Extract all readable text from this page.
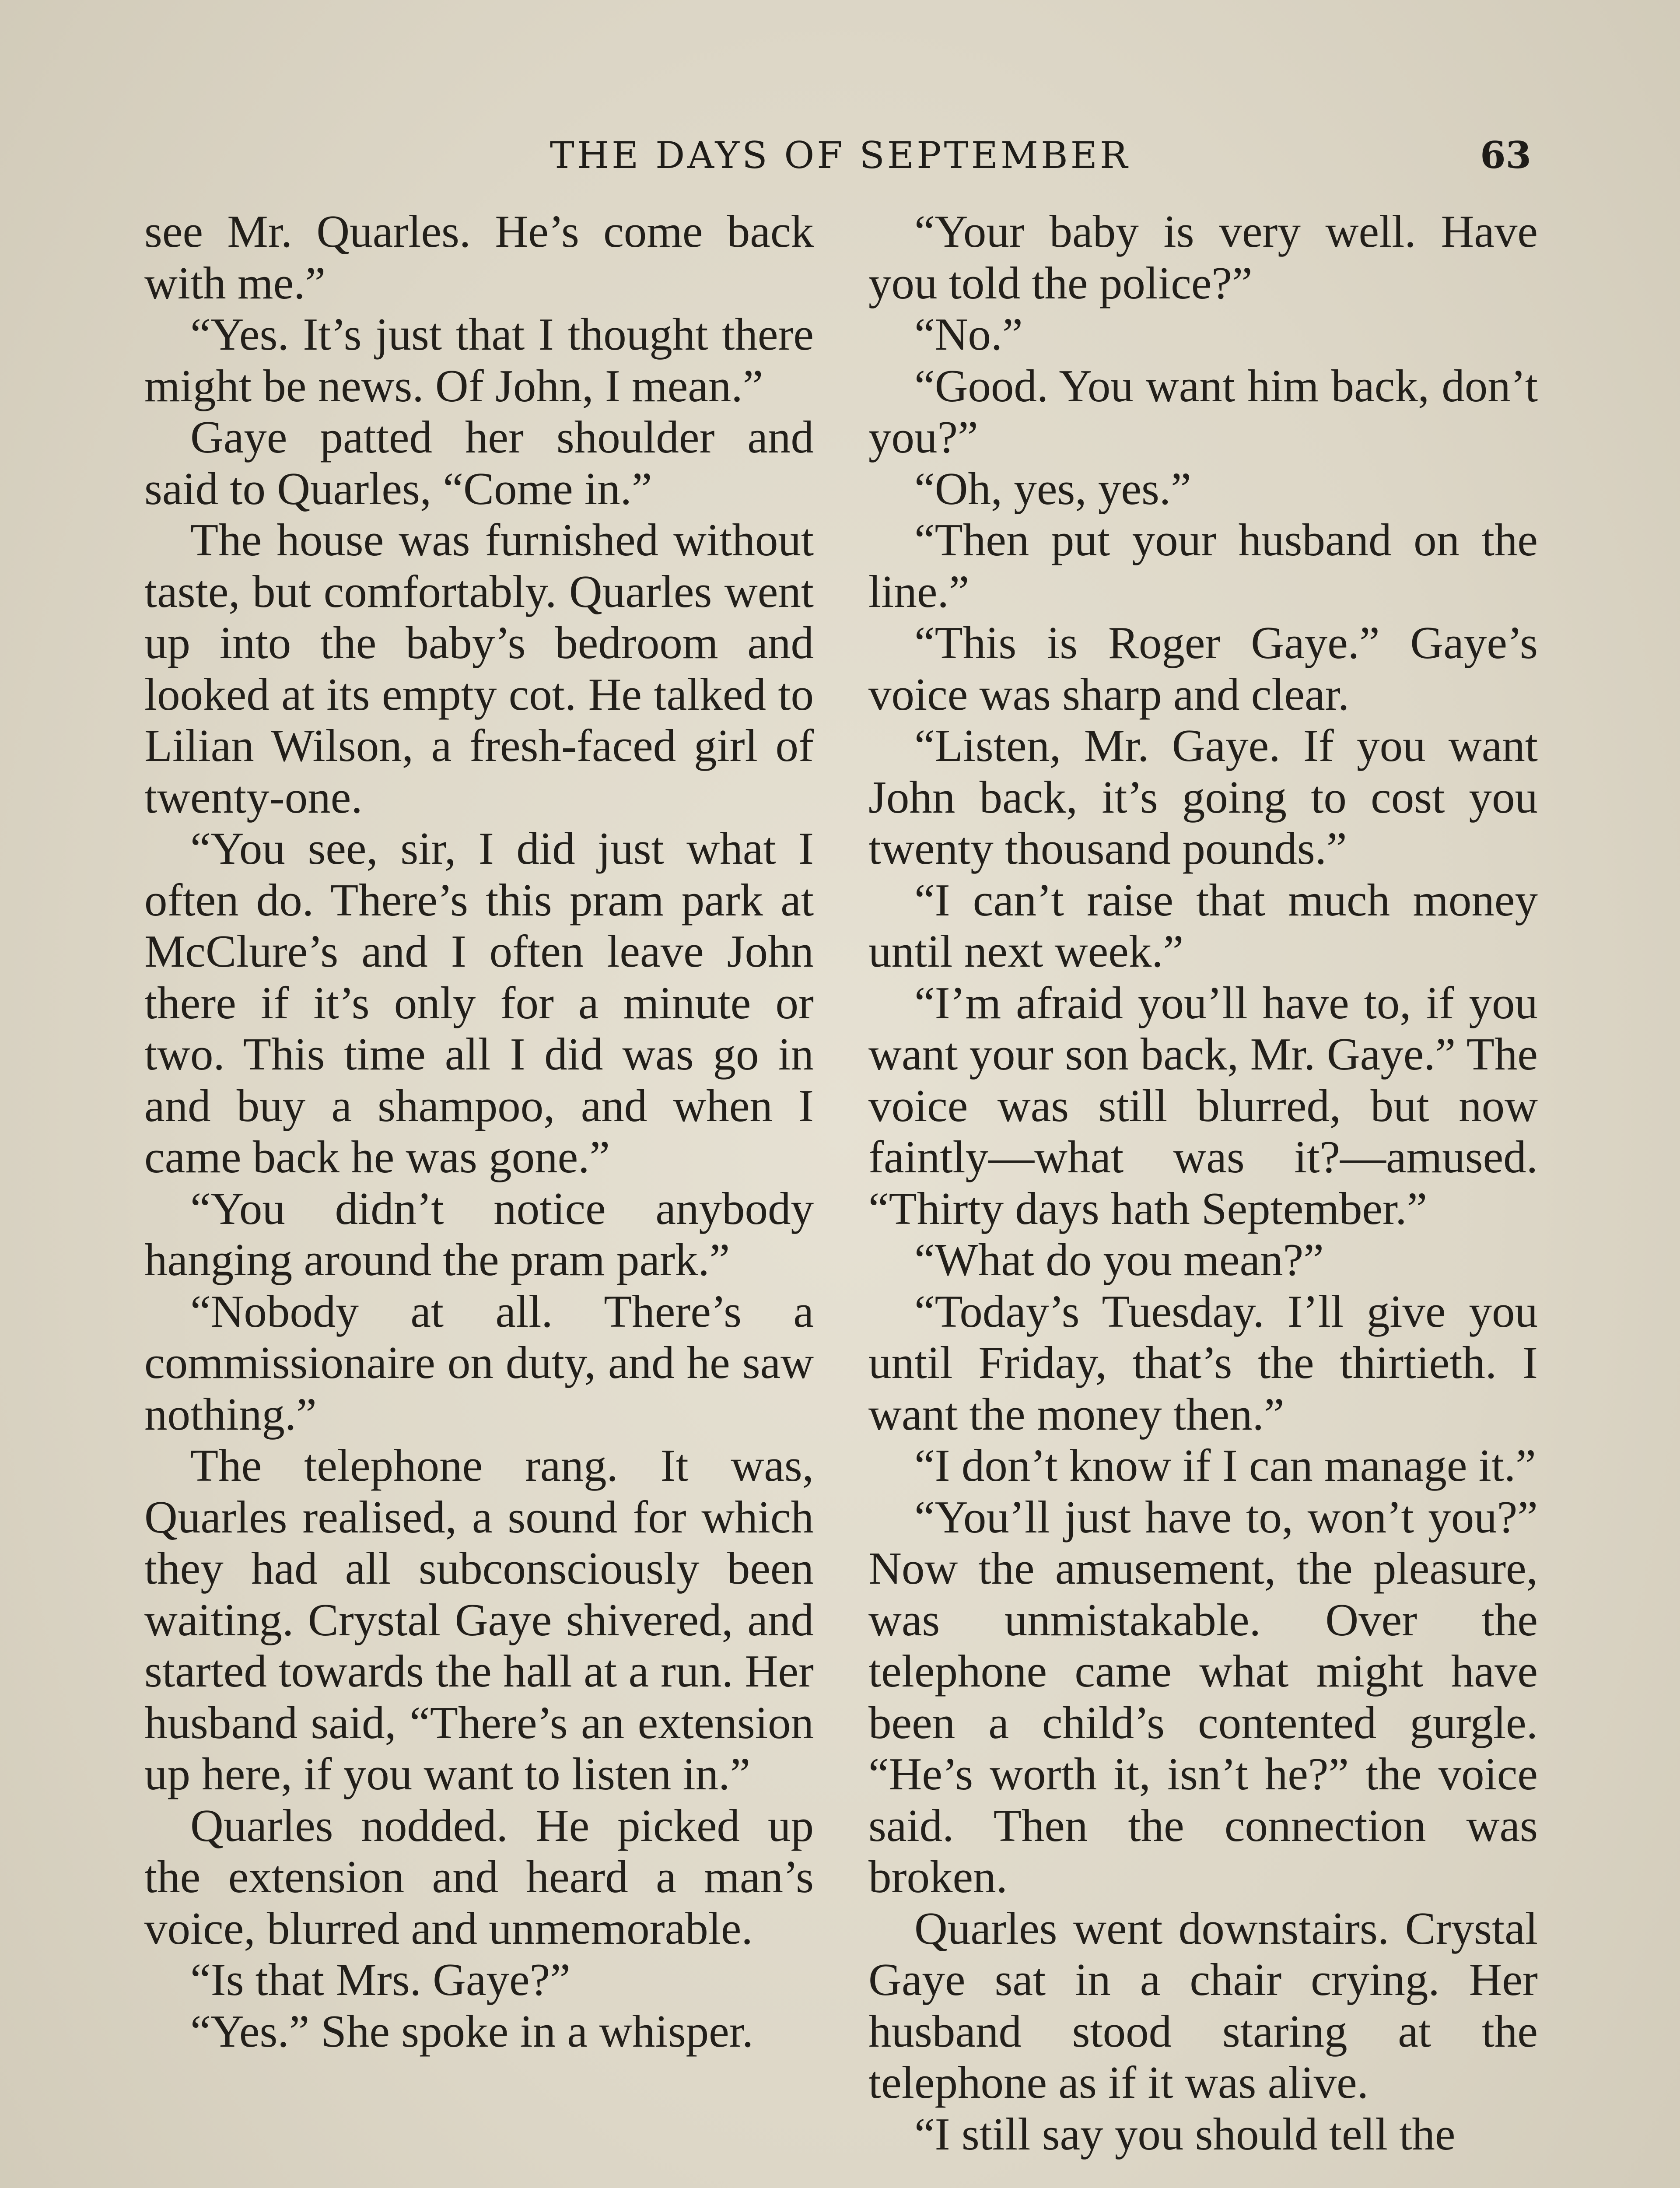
THE DAYS OF SEPTEMBER	63

see Mr. Quarles. He’s come back with me.”

“Yes. It’s just that I thought there might be news. Of John, I mean.”

Gaye patted her shoulder and said to Quarles, “Come in.”

The house was furnished without taste, but comfortably. Quarles went up into the baby’s bedroom and looked at its empty cot. He talked to Lilian Wilson, a fresh-faced girl of twenty-one.

“You see, sir, I did just what I often do. There’s this pram park at McClure’s and I often leave John there if it’s only for a minute or two. This time all I did was go in and buy a shampoo, and when I came back he was gone.”

“You didn’t notice anybody hanging around the pram park.”

“Nobody at all. There’s a commissionaire on duty, and he saw nothing.”

The telephone rang. It was, Quarles realised, a sound for which they had all subconsciously been waiting. Crystal Gaye shivered, and started towards the hall at a run. Her husband said, “There’s an extension up here, if you want to listen in.”

Quarles nodded. He picked up the extension and heard a man’s voice, blurred and unmemorable.

“Is that Mrs. Gaye?”

“Yes.” She spoke in a whisper.

“Your baby is very well. Have you told the police?”

“No.”

“Good. You want him back, don’t you?”

“Oh, yes, yes.”

“Then put your husband on the line.”

“This is Roger Gaye.” Gaye’s voice was sharp and clear.

“Listen, Mr. Gaye. If you want John back, it’s going to cost you twenty thousand pounds.”

“I can’t raise that much money until next week.”

“I’m afraid you’ll have to, if you want your son back, Mr. Gaye.” The voice was still blurred, but now faintly—what was it?—amused. “Thirty days hath September.”

“What do you mean?”

“Today’s Tuesday. I’ll give you until Friday, that’s the thirtieth. I want the money then.”

“I don’t know if I can manage it.”

“You’ll just have to, won’t you?” Now the amusement, the pleasure, was unmistakable. Over the telephone came what might have been a child’s contented gurgle. “He’s worth it, isn’t he?” the voice said. Then the connection was broken.

Quarles went downstairs. Crystal Gaye sat in a chair crying. Her husband stood staring at the telephone as if it was alive.

“I still say you should tell the
